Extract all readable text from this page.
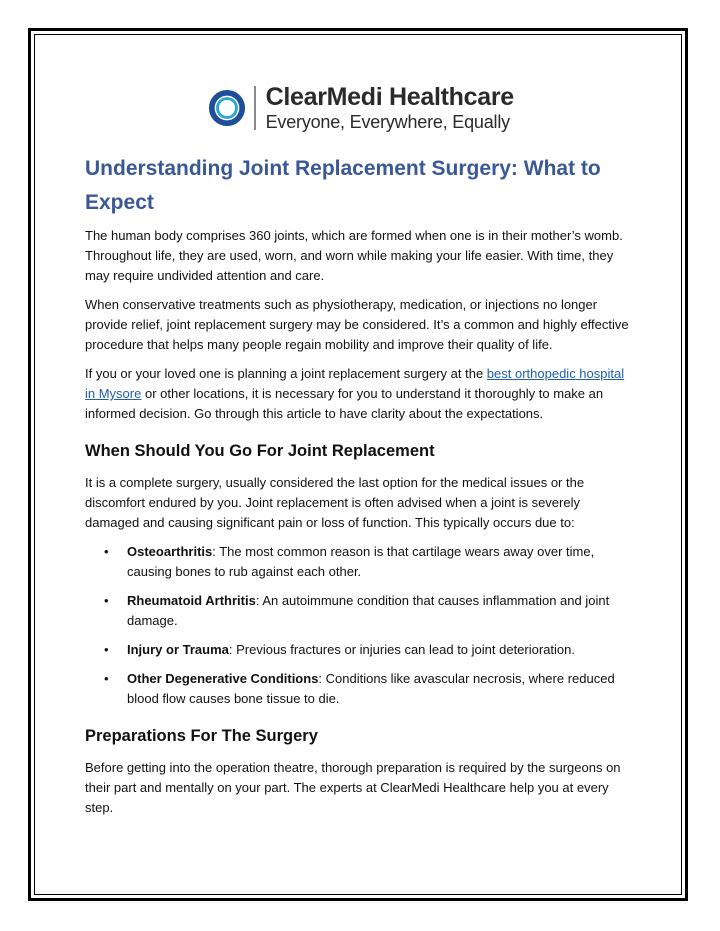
ClearMedi Healthcare
Everyone, Everywhere, Equally
Understanding Joint Replacement Surgery: What to Expect

The human body comprises 360 joints, which are formed when one is in their mother’s womb. Throughout life, they are used, worn, and worn while making your life easier. With time, they may require undivided attention and care.

When conservative treatments such as physiotherapy, medication, or injections no longer provide relief, joint replacement surgery may be considered. It’s a common and highly effective procedure that helps many people regain mobility and improve their quality of life.

If you or your loved one is planning a joint replacement surgery at the best orthopedic hospital in Mysore or other locations, it is necessary for you to understand it thoroughly to make an informed decision. Go through this article to have clarity about the expectations.

When Should You Go For Joint Replacement

It is a complete surgery, usually considered the last option for the medical issues or the discomfort endured by you. Joint replacement is often advised when a joint is severely damaged and causing significant pain or loss of function. This typically occurs due to:

• Osteoarthritis: The most common reason is that cartilage wears away over time, causing bones to rub against each other.
• Rheumatoid Arthritis: An autoimmune condition that causes inflammation and joint damage.
• Injury or Trauma: Previous fractures or injuries can lead to joint deterioration.
• Other Degenerative Conditions: Conditions like avascular necrosis, where reduced blood flow causes bone tissue to die.
Preparations For The Surgery

Before getting into the operation theatre, thorough preparation is required by the surgeons on their part and mentally on your part. The experts at ClearMedi Healthcare help you at every step.
